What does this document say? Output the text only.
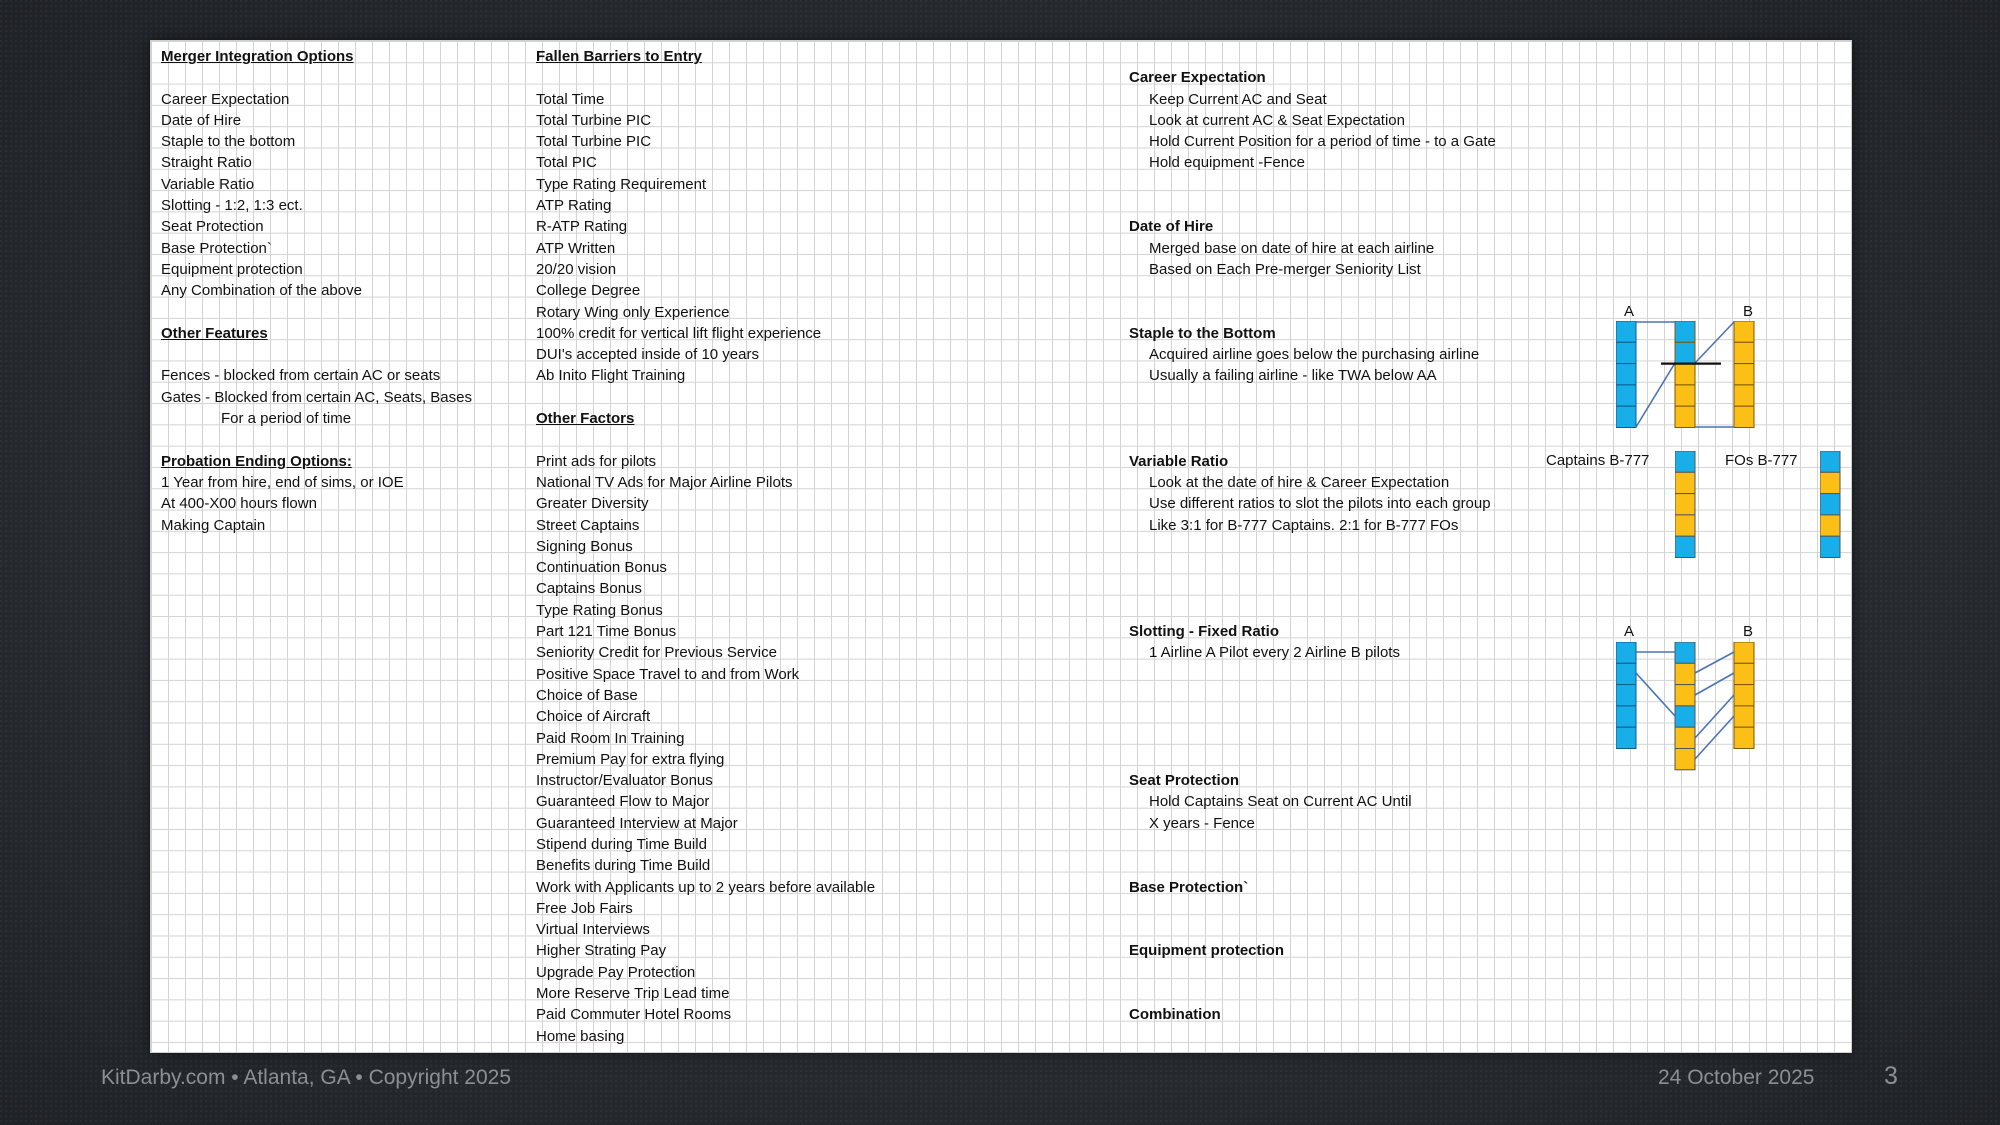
Merger Integration Options
Career Expectation
Date of Hire
Staple to the bottom
Straight Ratio
Variable Ratio
Slotting - 1:2, 1:3 ect.
Seat Protection
Base Protection`
Equipment protection
Any Combination of the above
Other Features
Fences - blocked from certain AC or seats
Gates - Blocked from certain AC, Seats, Bases
For a period of time
Probation Ending Options:
1 Year from hire, end of sims, or IOE
At 400-X00 hours flown
Making Captain
Fallen Barriers to Entry
Total Time
Total Turbine PIC
Total Turbine PIC
Total PIC
Type Rating Requirement
ATP Rating
R-ATP Rating
ATP Written
20/20 vision
College Degree
Rotary Wing only Experience
100% credit for vertical lift flight experience
DUI's accepted inside of 10 years
Ab Inito Flight Training
Other Factors
Print ads for pilots
National TV Ads for Major Airline Pilots
Greater Diversity
Street Captains
Signing Bonus
Continuation Bonus
Captains Bonus
Type Rating Bonus
Part 121 Time Bonus
Seniority Credit for Previous Service
Positive Space Travel to and from Work
Choice of Base
Choice of Aircraft
Paid Room In Training
Premium Pay for extra flying
Instructor/Evaluator Bonus
Guaranteed Flow to Major
Guaranteed Interview at Major
Stipend during Time Build
Benefits during Time Build
Work with Applicants up to 2 years before available
Free Job Fairs
Virtual Interviews
Higher Strating Pay
Upgrade Pay Protection
More Reserve Trip Lead time
Paid Commuter Hotel Rooms
Home basing
Career Expectation
Keep Current AC and Seat
Look at current AC & Seat Expectation
Hold Current Position for a period of time - to a Gate
Hold equipment -Fence
Date of Hire
Merged base on date of hire at each airline
Based on Each Pre-merger Seniority List
Staple to the Bottom
Acquired airline goes below the purchasing airline
Usually a failing airline - like TWA below AA
Variable Ratio
Look at the date of hire & Career Expectation
Use different ratios to slot the pilots into each group
Like 3:1 for B-777 Captains. 2:1 for B-777 FOs
Slotting - Fixed Ratio
1 Airline A Pilot every 2 Airline B pilots
Seat Protection
Hold Captains Seat on Current AC Until
X years - Fence
Base Protection`
Equipment protection
Combination
A	B
Captains B-777	FOs B-777
A	B
KitDarby.com • Atlanta, GA • Copyright 2025	24 October 2025	3
